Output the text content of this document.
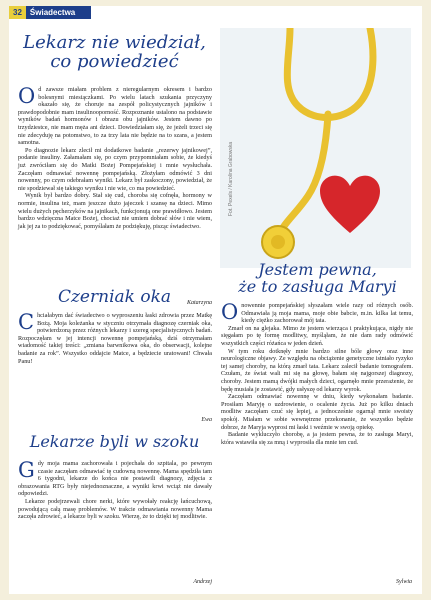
32	Świadectwa
Lekarz nie wiedział,
co powiedzieć

Od zawsze miałam problem z nieregularnym okresem i bardzo bolesnymi miesiączkami. Po wielu latach szukania przyczyny okazało się, że choruje na zespół policystycznych jajników i prawdopodobnie mam insulinooporność. Rozpoznanie ustalono na podstawie wyników badań hormonów i obrazu obu jajników. Jestem dawno po trzydziestce, nie mam męża ani dzieci. Dowiedziałam się, że jeżeli trzeci się nie zdecyduję na potomstwo, to za trzy lata nie będzie na to szans, a jestem samotna.

Po diagnozie lekarz zlecił mi dodatkowe badanie „rezerwy jajnikowej”, podanie insuliny. Załamałam się, po czym przypomniałam sobie, że kiedyś już zwróciłam się do Matki Bożej Pompejańskiej i mnie wysłuchała. Zaczęłam odmawiać nowennę pompejańską. Złożyłam odmówić 3 dni nowenny, po czym odebrałam wyniki. Lekarz był zaskoczony, powiedział, że nie spodziewał się takiego wyniku i nie wie, co ma powiedzieć.

Wynik był bardzo dobry. Stał się cud, choroba się cofnęła, hormony w normie, insulina też, mam jeszcze dużo jajeczek i szansę na dzieci. Mimo wielu dużych pęcherzyków na jajnikach, funkcjonują one prawidłowo. Jestem bardzo wdzięczna Matce Bożej, chociaż nie umiem dobrać słów i nie wiem, jak jej za to podziękować, pomyślałam że podziękuję, pisząc świadectwo.

Katarzyna
Fot. Pexels / Karolina Grabowska
Czerniak oka

Chciałabym dać świadectwo o wyproszeniu łaski zdrowia przez Matkę Bożą. Moja koleżanka w styczniu otrzymała diagnozę czerniak oka, potwierdzoną przez różnych lekarzy i szereg specjalistycznych badań. Rozpoczęłam w jej intencji nowennę pompejańską, dziś otrzymałam wiadomość takiej treści: „zmiana barwnikowa oka, do obserwacji, kolejne badanie za rok”. Wszystko oddajcie Matce, a będziecie uratowani! Chwała Panu!

Ewa
Lekarze byli w szoku

Gdy moja mama zachorowała i pojechała do szpitala, po pewnym czasie zaczęłam odmawiać tę cudowną nowennę. Mama spędziła tam 6 tygodni, lekarze do końca nie postawili diagnozy, zdjęcia z obrazowania RTG były niejednoznaczne, a wyniki krwi wciąż nie dawały odpowiedzi.

Lekarze podejrzewali chore nerki, które wywołały reakcję łańcuchową, powodującą całą masę problemów. W trakcie odmawiania nowenny Mama zaczęła zdrowieć, a lekarze byli w szoku. Wierzę, że to dzięki tej modlitwie.

Andrzej
Jestem pewna,
że to zasługa Maryi

Onowennie pompejańskiej słyszałam wiele razy od różnych osób. Odmawiała ją moja mama, moje obie babcie, m.in. kilka lat temu, kiedy ciężko zachorował mój tata.

Zmarł on na glejaka. Mimo że jestem wierząca i praktykująca, nigdy nie sięgałam po tę formę modlitwy, myśląłam, że nie dam rady odmówić wszystkich części różańca w jeden dzień.

W tym roku dotknęły mnie bardzo silne bóle głowy oraz inne neurologiczne objawy. Ze względu na obciążenie genetyczne istniało ryzyko tej samej choroby, na którą zmarł tata. Lekarz zalecił badanie tomografem. Czułam, że świat wali mi się na głowę, bałam się najgorszej diagnozy, choroby. Jestem mamą dwójki małych dzieci, ogarnęło mnie przerażenie, że będę musiała je zostawić, gdy usłyszę od lekarzy wyrok.

Zaczęłam odmawiać nowennę w dniu, kiedy wykonałam badanie. Prosiłam Maryję o uzdrowienie, o ocalenie życia. Już po kilku dniach modlitw zaczęłam czuć się lepiej, a jednocześnie ogarnął mnie swoisty spokój. Miałam w sobie wewnętrzne przekonanie, że wszystko będzie dobrze, że Maryja wyprosi mi łaski i weźmie w swoją opiekę.

Badanie wykluczyło chorobę, a ja jestem pewna, że to zasługa Maryi, która wstawiła się za mną i wyprosiła dla mnie ten cud.

Sylwia
